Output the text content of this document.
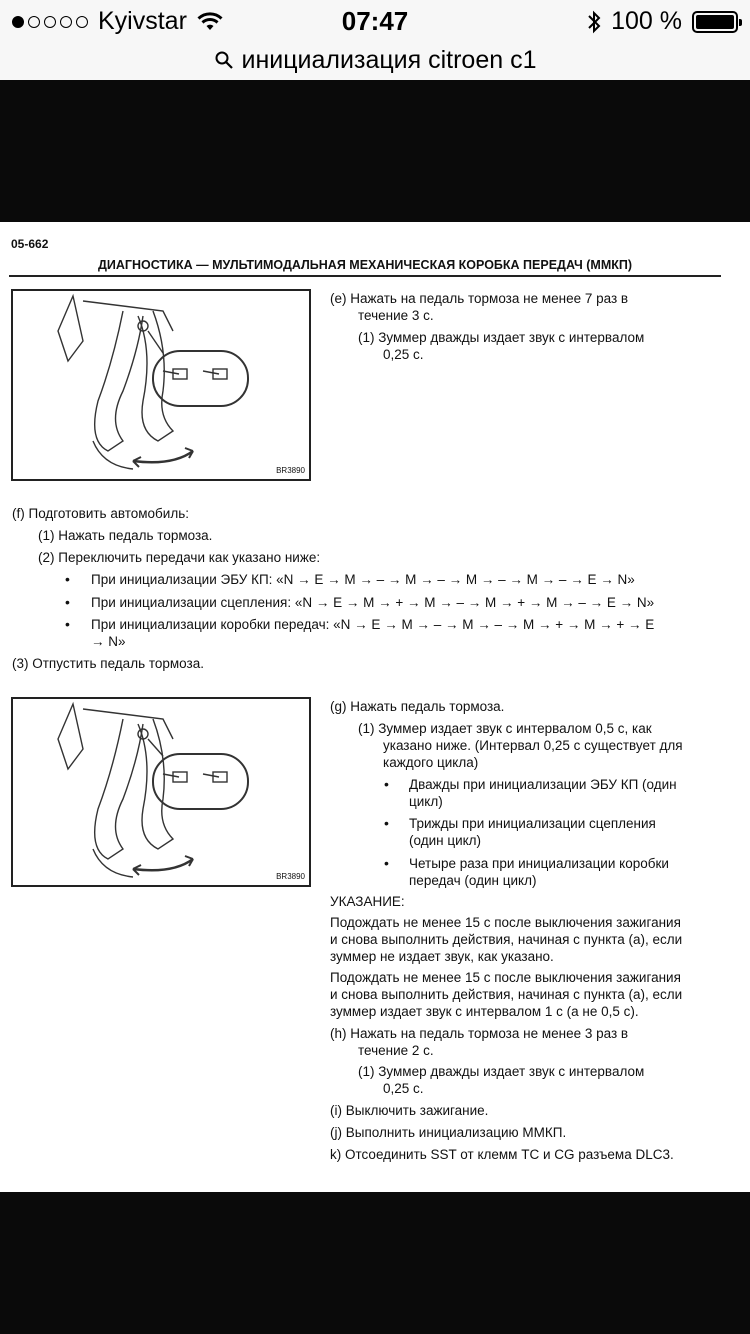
Kyivstar	07:47	100 %
инициализация citroen c1
05-662
ДИАГНОСТИКА — МУЛЬТИМОДАЛЬНАЯ МЕХАНИЧЕСКАЯ КОРОБКА ПЕРЕДАЧ (ММКП)
BR3890
(e) Нажать на педаль тормоза не менее 7 раз в
течение 3 с.
(1) Зуммер дважды издает звук с интервалом
0,25 с.
(f) Подготовить автомобиль:
(1) Нажать педаль тормоза.
(2) Переключить передачи как указано ниже:
• При инициализации ЭБУ КП: «N → E → M → – → M → – → M → – → M → – → E → N»
• При инициализации сцепления: «N → E → M → + → M → – → M → + → M → – → E → N»
• При инициализации коробки передач: «N → E → M → – → M → – → M → + → M → + → E
→ N»
(3) Отпустить педаль тормоза.
BR3890
(g) Нажать педаль тормоза.
(1) Зуммер издает звук с интервалом 0,5 с, как
указано ниже. (Интервал 0,25 с существует для
каждого цикла)
• Дважды при инициализации ЭБУ КП (один
цикл)
• Трижды при инициализации сцепления
(один цикл)
• Четыре раза при инициализации коробки
передач (один цикл)
УКАЗАНИЕ:
Подождать не менее 15 с после выключения зажигания
и снова выполнить действия, начиная с пункта (a), если
зуммер не издает звук, как указано.
Подождать не менее 15 с после выключения зажигания
и снова выполнить действия, начиная с пункта (a), если
зуммер издает звук с интервалом 1 с (а не 0,5 с).
(h) Нажать на педаль тормоза не менее 3 раз в
течение 2 с.
(1) Зуммер дважды издает звук с интервалом
0,25 с.
(i) Выключить зажигание.
(j) Выполнить инициализацию ММКП.
k) Отсоединить SST от клемм TC и CG разъема DLC3.
